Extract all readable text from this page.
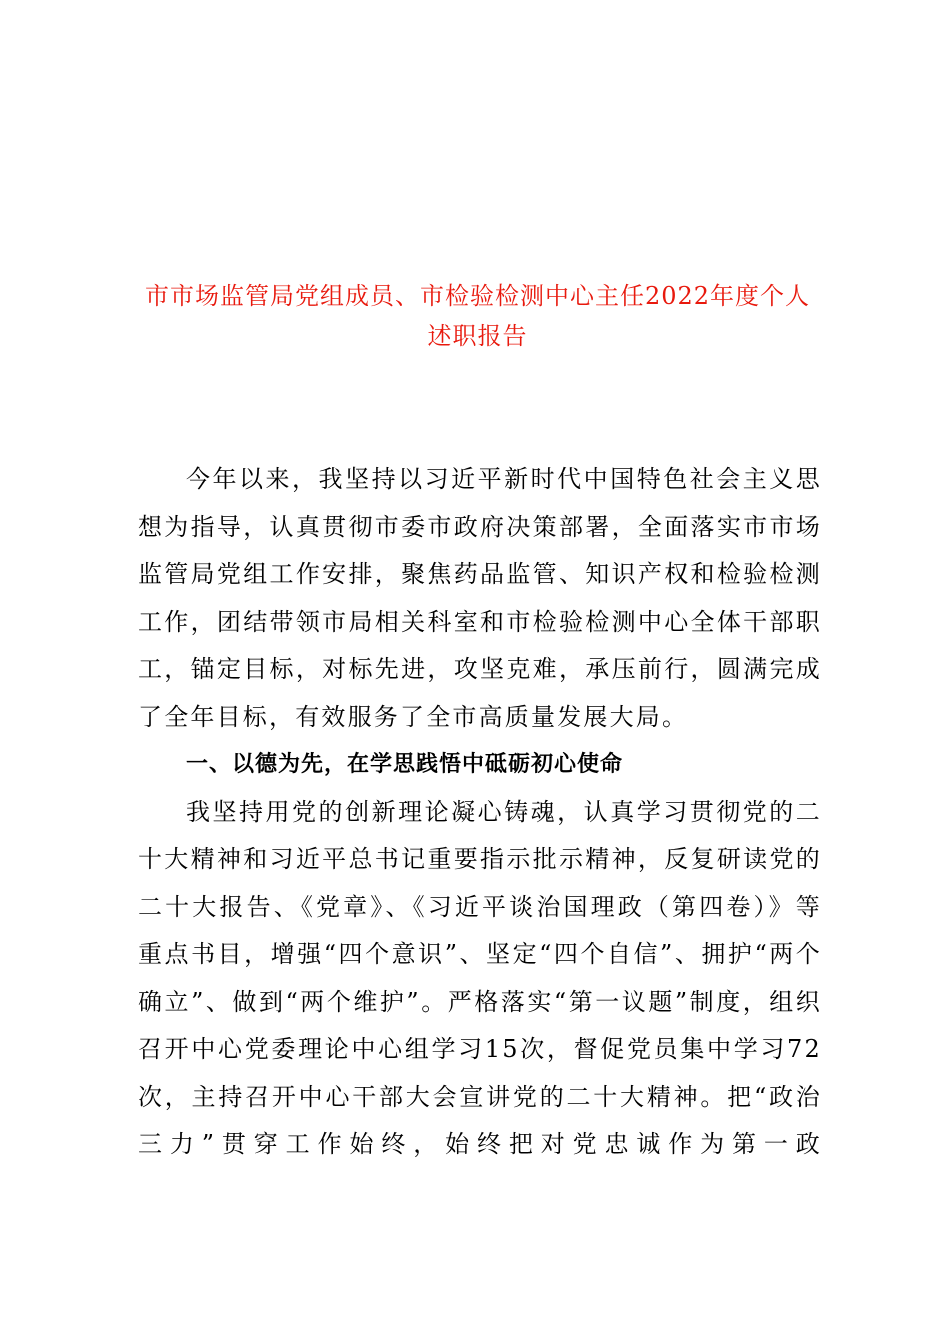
市市场监管局党组成员、市检验检测中心主任2022年度个人
述职报告

今年以来，我坚持以习近平新时代中国特色社会主义思想为指导，认真贯彻市委市政府决策部署，全面落实市市场监管局党组工作安排，聚焦药品监管、知识产权和检验检测工作，团结带领市局相关科室和市检验检测中心全体干部职工，锚定目标，对标先进，攻坚克难，承压前行，圆满完成了全年目标，有效服务了全市高质量发展大局。

一、以德为先，在学思践悟中砥砺初心使命

我坚持用党的创新理论凝心铸魂，认真学习贯彻党的二十大精神和习近平总书记重要指示批示精神，反复研读党的二十大报告、《党章》、《习近平谈治国理政（第四卷）》等重点书目，增强“四个意识”、坚定“四个自信”、拥护“两个确立”、做到“两个维护”。严格落实“第一议题”制度，组织召开中心党委理论中心组学习15次，督促党员集中学习72次，主持召开中心干部大会宣讲党的二十大精神。把“政治三力”贯穿工作始终，始终把对党忠诚作为第一政
